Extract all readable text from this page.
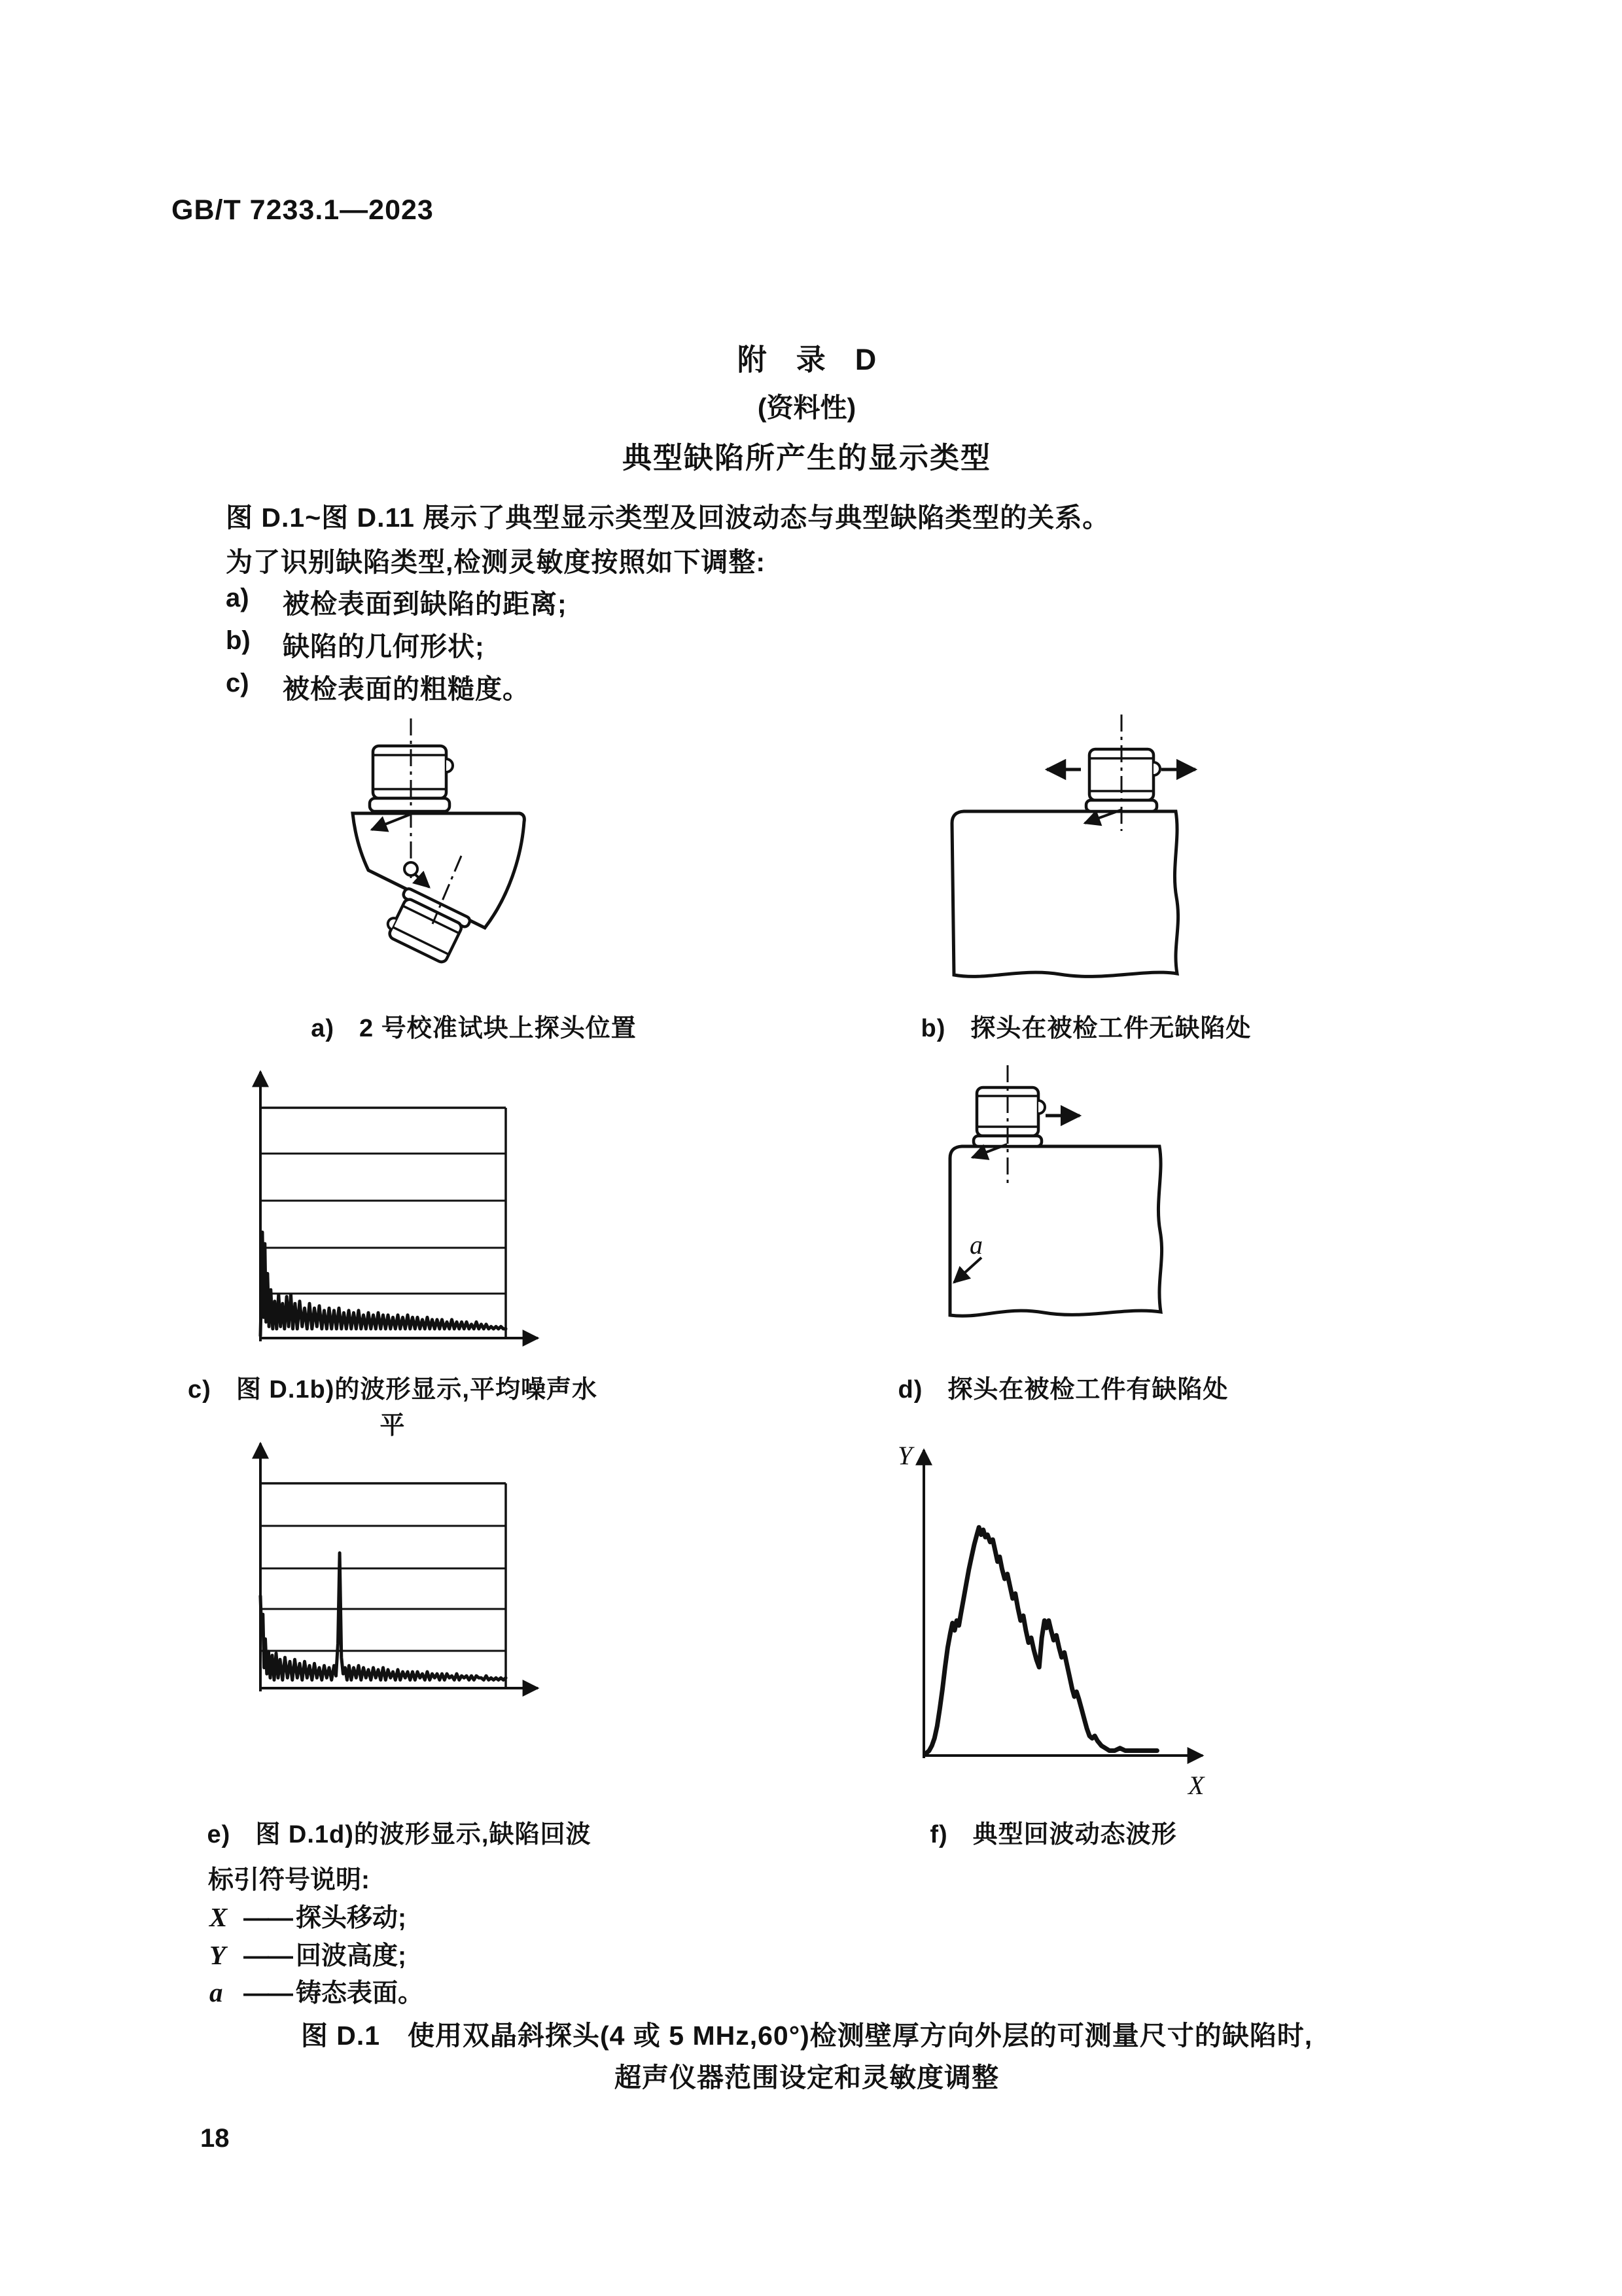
GB/T 7233.1—2023
附　录　D
(资料性)
典型缺陷所产生的显示类型
图 D.1~图 D.11 展示了典型显示类型及回波动态与典型缺陷类型的关系。
为了识别缺陷类型,检测灵敏度按照如下调整:
a) 被检表面到缺陷的距离;
b) 缺陷的几何形状;
c) 被检表面的粗糙度。
a) 2 号校准试块上探头位置	b) 探头在被检工件无缺陷处
a
c) 图 D.1b)的波形显示,平均噪声水平
d) 探头在被检工件有缺陷处
Y
X
e) 图 D.1d)的波形显示,缺陷回波	f) 典型回波动态波形
标引符号说明:
X —— 探头移动;
Y —— 回波高度;
a —— 铸态表面。
图 D.1　使用双晶斜探头(4 或 5 MHz,60°)检测壁厚方向外层的可测量尺寸的缺陷时,
超声仪器范围设定和灵敏度调整
18
